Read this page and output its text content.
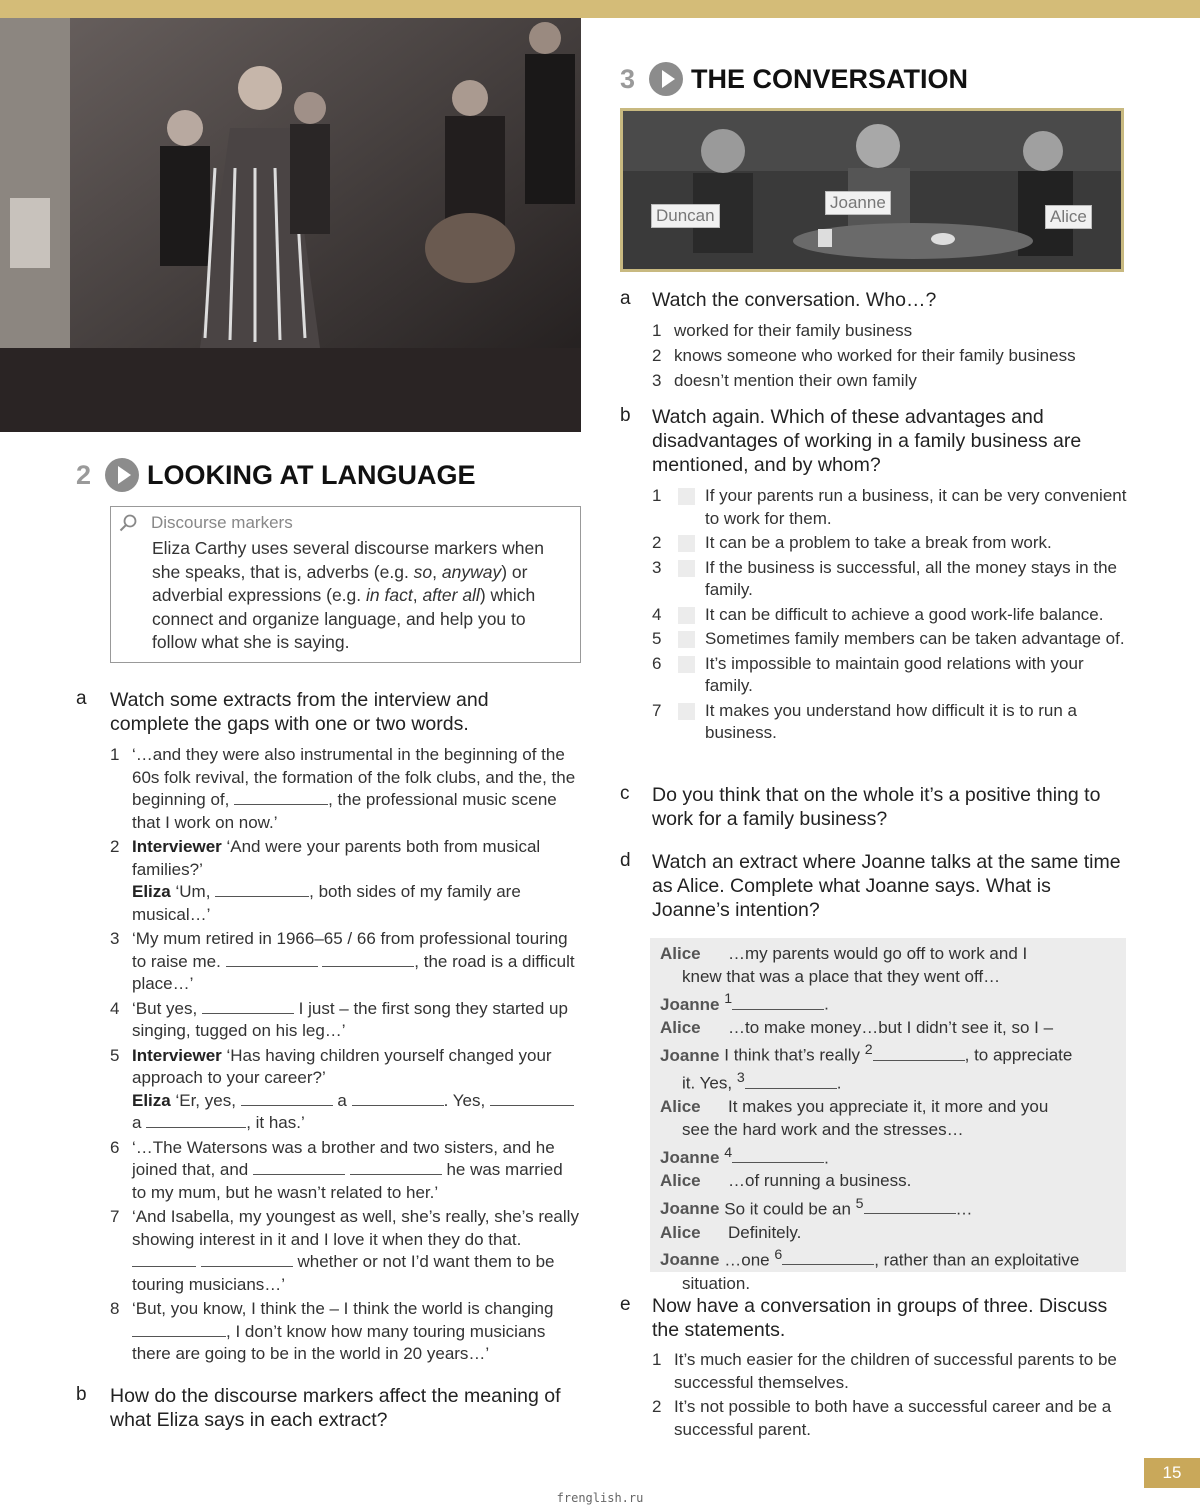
2 LOOKING AT LANGUAGE
Discourse markers
Eliza Carthy uses several discourse markers when she speaks, that is, adverbs (e.g. so, anyway) or adverbial expressions (e.g. in fact, after all) which connect and organize language, and help you to follow what she is saying.
a Watch some extracts from the interview and complete the gaps with one or two words.
1 ‘…and they were also instrumental in the beginning of the 60s folk revival, the formation of the folk clubs, and the, the beginning of,	, the professional music scene that I work on now.’
2 Interviewer ‘And were your parents both from musical families?’
Eliza ‘Um,	, both sides of my family are musical…’
3 ‘My mum retired in 1966–65 / 66 from professional touring to raise me.	, the road is a difficult place…’
4 ‘But yes,	I just – the first song they started up singing, tugged on his leg…’
5 Interviewer ‘Has having children yourself changed your approach to your career?’
Eliza ‘Er, yes,	a	. Yes,  a	, it has.’
6 ‘…The Watersons was a brother and two sisters, and he joined that, and	he was married to my mum, but he wasn’t related to her.’
7 ‘And Isabella, my youngest as well, she’s really, she’s really showing interest in it and I love it when they do that.   whether or not I’d want them to be touring musicians…’
8 ‘But, you know, I think the – I think the world is changing , I don’t know how many touring musicians there are going to be in the world in 20 years…’
b How do the discourse markers affect the meaning of what Eliza says in each extract?
3 THE CONVERSATION
Duncan
Joanne
Alice
a Watch the conversation. Who…?
1 worked for their family business
2 knows someone who worked for their family business
3 doesn’t mention their own family
b Watch again. Which of these advantages and disadvantages of working in a family business are mentioned, and by whom?
1	If your parents run a business, it can be very convenient to work for them.
2	It can be a problem to take a break from work.
3	If the business is successful, all the money stays in the family.
4	It can be difficult to achieve a good work-life balance.
5	Sometimes family members can be taken advantage of.
6	It’s impossible to maintain good relations with your family.
7	It makes you understand how difficult it is to run a business.
c Do you think that on the whole it’s a positive thing to work for a family business?
d Watch an extract where Joanne talks at the same time as Alice. Complete what Joanne says. What is Joanne’s intention?
Alice …my parents would go off to work and I
knew that was a place that they went off…
Joanne $^1$	.
Alice …to make money…but I didn’t see it, so I –
Joanne I think that’s really $^2$	, to appreciate
it. Yes, $^3$	.
Alice It makes you appreciate it, it more and you
see the hard work and the stresses…
Joanne $^4$	.
Alice …of running a business.
Joanne So it could be an $^5$	…
Alice Definitely.
Joanne …one $^6$	, rather than an exploitative
situation.
e Now have a conversation in groups of three. Discuss the statements.
1 It’s much easier for the children of successful parents to be successful themselves.
2 It’s not possible to both have a successful career and be a successful parent.
15
frenglish.ru
